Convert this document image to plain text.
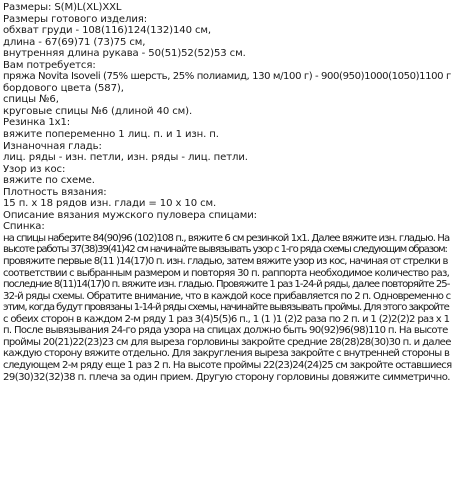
Размеры: S(M)L(XL)XXL
Размеры готового изделия:
обхват груди - 108(116)124(132)140 см,
длина - 67(69)71 (73)75 см,
внутренняя длина рукава - 50(51)52(52)53 см.
Вам потребуется:
пряжа Novita Isoveli (75% шерсть, 25% полиамид, 130 м/100 г) - 900(950)1000(1050)1100 г
бордового цвета (587),
спицы №6,
круговые спицы №6 (длиной 40 см).
Резинка 1x1:
вяжите попеременно 1 лиц. п. и 1 изн. п.
Изнаночная гладь:
лиц. ряды - изн. петли, изн. ряды - лиц. петли.
Узор из кос:
вяжите по схеме.
Плотность вязания:
15 п. х 18 рядов изн. глади = 10 х 10 см.
Описание вязания мужского пуловера спицами:
Спинка:
на спицы наберите 84(90)96 (102)108 п., вяжите 6 см резинкой 1x1. Далее вяжите изн. гладью. На
высоте работы 37(38)39(41)42 см начинайте вывязывать узор с 1-го ряда схемы следующим образом:
провяжите первые 8(11 )14(17)0 п. изн. гладью, затем вяжите узор из кос, начиная от стрелки в
соответствии с выбранным размером и повторяя 30 п. раппорта необходимое количество раз,
последние 8(11)14(17)0 п. вяжите изн. гладью. Провяжите 1 раз 1-24-й ряды, далее повторяйте 25-
32-й ряды схемы. Обратите внимание, что в каждой косе прибавляется по 2 п. Одновременно с
этим, когда будут провязаны 1-14-й ряды схемы, начинайте вывязывать проймы. Для этого закройте
с обеих сторон в каждом 2-м ряду 1 раз 3(4)5(5)6 п., 1 (1 )1 (2)2 раза по 2 п. и 1 (2)2(2)2 раз x 1
п. После вывязывания 24-го ряда узора на спицах должно быть 90(92)96(98)110 п. На высоте
проймы 20(21)22(23)23 см для выреза горловины закройте средние 28(28)28(30)30 п. и далее
каждую сторону вяжите отдельно. Для закругления выреза закройте с внутренней стороны в
следующем 2-м ряду еще 1 раз 2 п. На высоте проймы 22(23)24(24)25 см закройте оставшиеся
29(30)32(32)38 п. плеча за один прием. Другую сторону горловины довяжите симметрично.
